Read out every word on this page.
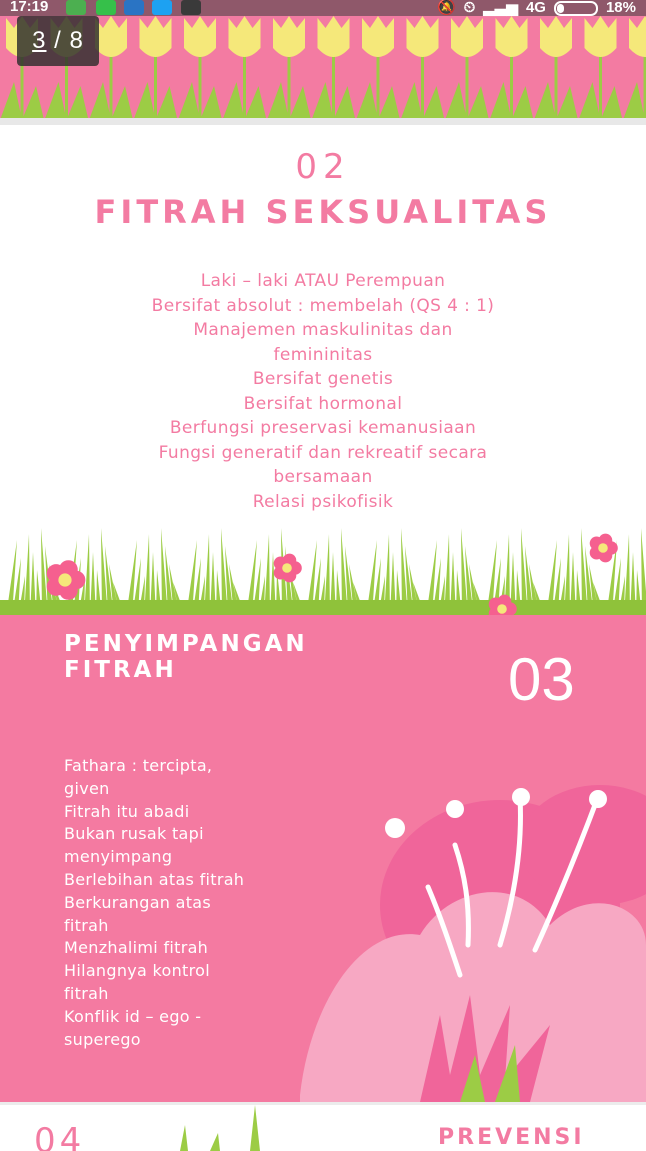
17:19	🔕 ⏲ ▂▃▅ 4G	18%
3 / 8
02
FITRAH SEKSUALITAS
Laki – laki ATAU Perempuan
Bersifat absolut : membelah (QS 4 : 1)
Manajemen maskulinitas dan
femininitas
Bersifat genetis
Bersifat hormonal
Berfungsi preservasi kemanusiaan
Fungsi generatif dan rekreatif secara
bersamaan
Relasi psikofisik
PENYIMPANGAN
FITRAH	03
Fathara : tercipta,
given
Fitrah itu abadi
Bukan rusak tapi
menyimpang
Berlebihan atas fitrah
Berkurangan atas
fitrah
Menzhalimi fitrah
Hilangnya kontrol
fitrah
Konflik id – ego -
superego
04	PREVENSI
